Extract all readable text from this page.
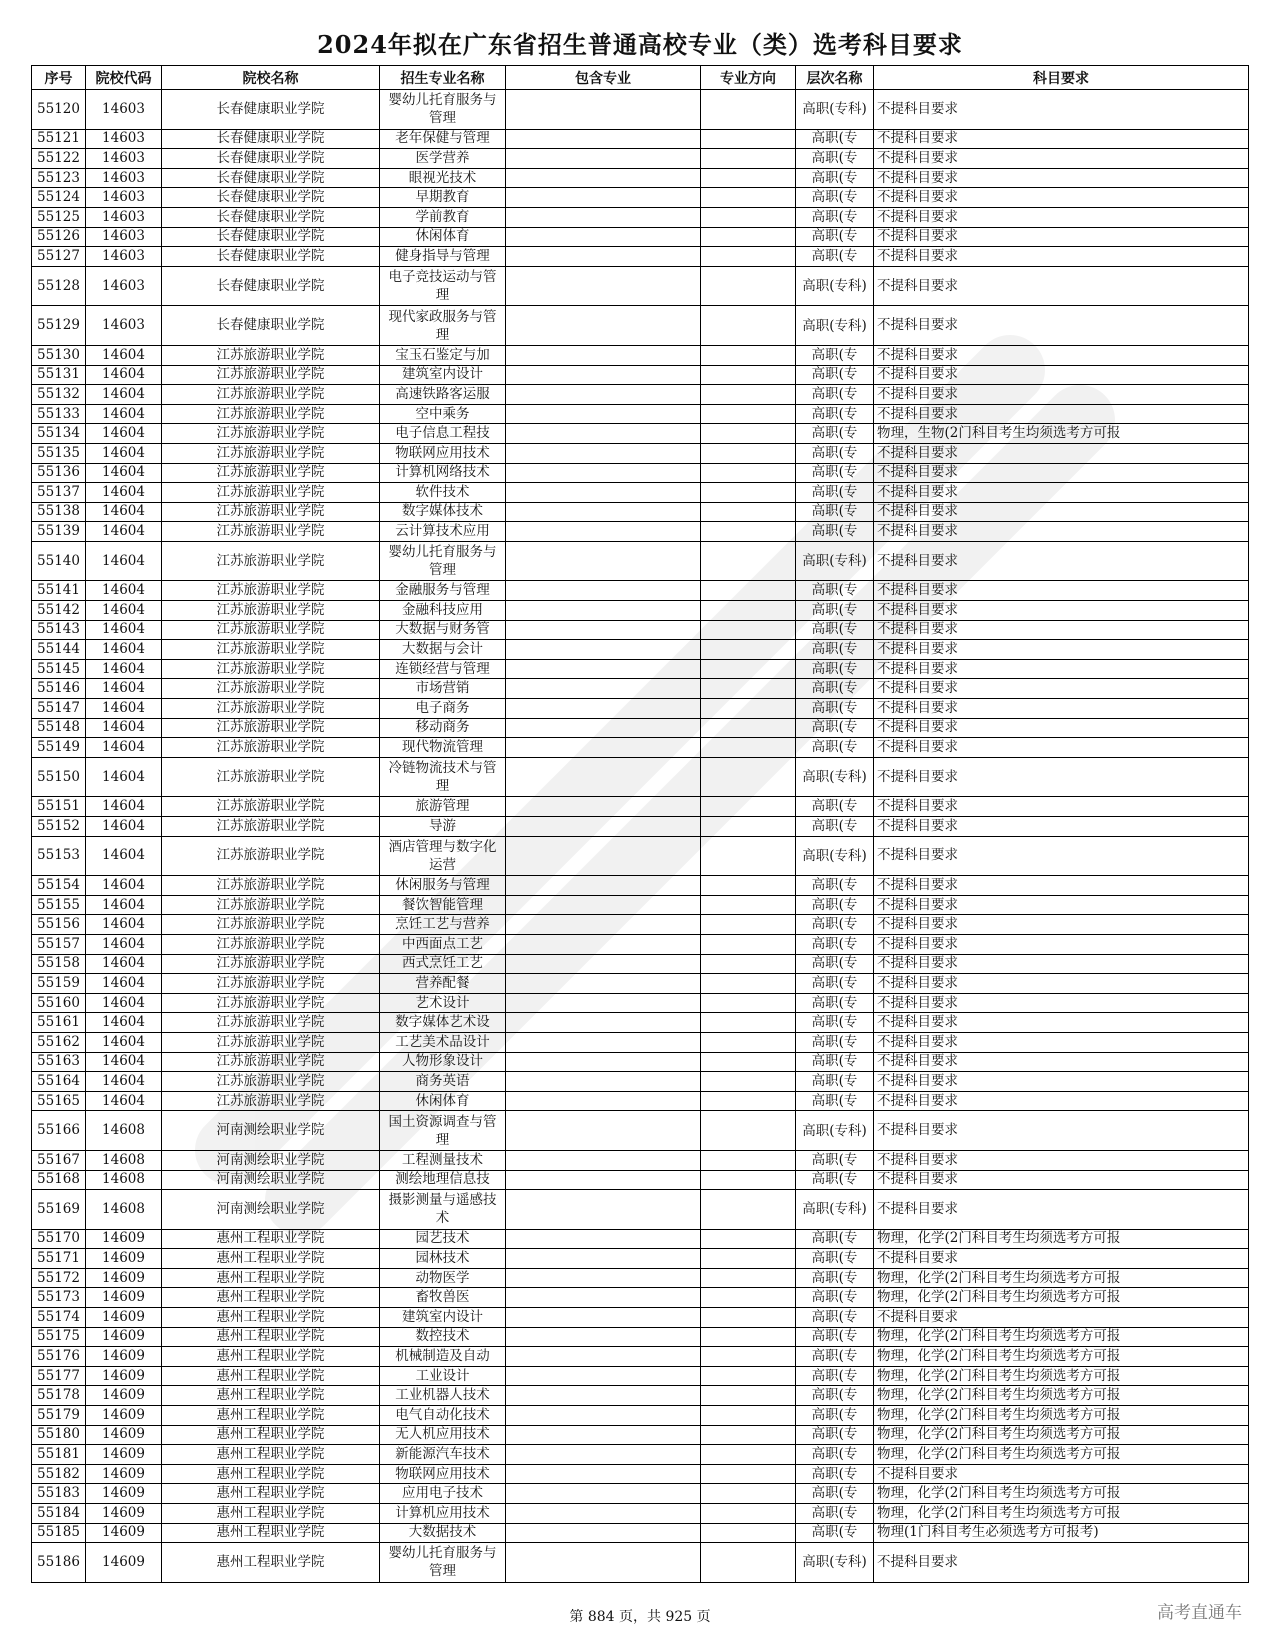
2024年拟在广东省招生普通高校专业（类）选考科目要求
序号	院校代码	院校名称	招生专业名称	包含专业	专业方向	层次名称	科目要求
55120	14603	长春健康职业学院	婴幼儿托育服务与管理			高职(专科)	不提科目要求
55121	14603	长春健康职业学院	老年保健与管理			高职(专	不提科目要求
55122	14603	长春健康职业学院	医学营养			高职(专	不提科目要求
55123	14603	长春健康职业学院	眼视光技术			高职(专	不提科目要求
55124	14603	长春健康职业学院	早期教育			高职(专	不提科目要求
55125	14603	长春健康职业学院	学前教育			高职(专	不提科目要求
55126	14603	长春健康职业学院	休闲体育			高职(专	不提科目要求
55127	14603	长春健康职业学院	健身指导与管理			高职(专	不提科目要求
55128	14603	长春健康职业学院	电子竞技运动与管理			高职(专科)	不提科目要求
55129	14603	长春健康职业学院	现代家政服务与管理			高职(专科)	不提科目要求
55130	14604	江苏旅游职业学院	宝玉石鉴定与加			高职(专	不提科目要求
55131	14604	江苏旅游职业学院	建筑室内设计			高职(专	不提科目要求
55132	14604	江苏旅游职业学院	高速铁路客运服			高职(专	不提科目要求
55133	14604	江苏旅游职业学院	空中乘务			高职(专	不提科目要求
55134	14604	江苏旅游职业学院	电子信息工程技			高职(专	物理，生物(2门科目考生均须选考方可报
55135	14604	江苏旅游职业学院	物联网应用技术			高职(专	不提科目要求
55136	14604	江苏旅游职业学院	计算机网络技术			高职(专	不提科目要求
55137	14604	江苏旅游职业学院	软件技术			高职(专	不提科目要求
55138	14604	江苏旅游职业学院	数字媒体技术			高职(专	不提科目要求
55139	14604	江苏旅游职业学院	云计算技术应用			高职(专	不提科目要求
55140	14604	江苏旅游职业学院	婴幼儿托育服务与管理			高职(专科)	不提科目要求
55141	14604	江苏旅游职业学院	金融服务与管理			高职(专	不提科目要求
55142	14604	江苏旅游职业学院	金融科技应用			高职(专	不提科目要求
55143	14604	江苏旅游职业学院	大数据与财务管			高职(专	不提科目要求
55144	14604	江苏旅游职业学院	大数据与会计			高职(专	不提科目要求
55145	14604	江苏旅游职业学院	连锁经营与管理			高职(专	不提科目要求
55146	14604	江苏旅游职业学院	市场营销			高职(专	不提科目要求
55147	14604	江苏旅游职业学院	电子商务			高职(专	不提科目要求
55148	14604	江苏旅游职业学院	移动商务			高职(专	不提科目要求
55149	14604	江苏旅游职业学院	现代物流管理			高职(专	不提科目要求
55150	14604	江苏旅游职业学院	冷链物流技术与管理			高职(专科)	不提科目要求
55151	14604	江苏旅游职业学院	旅游管理			高职(专	不提科目要求
55152	14604	江苏旅游职业学院	导游			高职(专	不提科目要求
55153	14604	江苏旅游职业学院	酒店管理与数字化运营			高职(专科)	不提科目要求
55154	14604	江苏旅游职业学院	休闲服务与管理			高职(专	不提科目要求
55155	14604	江苏旅游职业学院	餐饮智能管理			高职(专	不提科目要求
55156	14604	江苏旅游职业学院	烹饪工艺与营养			高职(专	不提科目要求
55157	14604	江苏旅游职业学院	中西面点工艺			高职(专	不提科目要求
55158	14604	江苏旅游职业学院	西式烹饪工艺			高职(专	不提科目要求
55159	14604	江苏旅游职业学院	营养配餐			高职(专	不提科目要求
55160	14604	江苏旅游职业学院	艺术设计			高职(专	不提科目要求
55161	14604	江苏旅游职业学院	数字媒体艺术设			高职(专	不提科目要求
55162	14604	江苏旅游职业学院	工艺美术品设计			高职(专	不提科目要求
55163	14604	江苏旅游职业学院	人物形象设计			高职(专	不提科目要求
55164	14604	江苏旅游职业学院	商务英语			高职(专	不提科目要求
55165	14604	江苏旅游职业学院	休闲体育			高职(专	不提科目要求
55166	14608	河南测绘职业学院	国土资源调查与管理			高职(专科)	不提科目要求
55167	14608	河南测绘职业学院	工程测量技术			高职(专	不提科目要求
55168	14608	河南测绘职业学院	测绘地理信息技			高职(专	不提科目要求
55169	14608	河南测绘职业学院	摄影测量与遥感技术			高职(专科)	不提科目要求
55170	14609	惠州工程职业学院	园艺技术			高职(专	物理，化学(2门科目考生均须选考方可报
55171	14609	惠州工程职业学院	园林技术			高职(专	不提科目要求
55172	14609	惠州工程职业学院	动物医学			高职(专	物理，化学(2门科目考生均须选考方可报
55173	14609	惠州工程职业学院	畜牧兽医			高职(专	物理，化学(2门科目考生均须选考方可报
55174	14609	惠州工程职业学院	建筑室内设计			高职(专	不提科目要求
55175	14609	惠州工程职业学院	数控技术			高职(专	物理，化学(2门科目考生均须选考方可报
55176	14609	惠州工程职业学院	机械制造及自动			高职(专	物理，化学(2门科目考生均须选考方可报
55177	14609	惠州工程职业学院	工业设计			高职(专	物理，化学(2门科目考生均须选考方可报
55178	14609	惠州工程职业学院	工业机器人技术			高职(专	物理，化学(2门科目考生均须选考方可报
55179	14609	惠州工程职业学院	电气自动化技术			高职(专	物理，化学(2门科目考生均须选考方可报
55180	14609	惠州工程职业学院	无人机应用技术			高职(专	物理，化学(2门科目考生均须选考方可报
55181	14609	惠州工程职业学院	新能源汽车技术			高职(专	物理，化学(2门科目考生均须选考方可报
55182	14609	惠州工程职业学院	物联网应用技术			高职(专	不提科目要求
55183	14609	惠州工程职业学院	应用电子技术			高职(专	物理，化学(2门科目考生均须选考方可报
55184	14609	惠州工程职业学院	计算机应用技术			高职(专	物理，化学(2门科目考生均须选考方可报
55185	14609	惠州工程职业学院	大数据技术			高职(专	物理(1门科目考生必须选考方可报考)
55186	14609	惠州工程职业学院	婴幼儿托育服务与管理			高职(专科)	不提科目要求
第 884 页，共 925 页	高考直通车
